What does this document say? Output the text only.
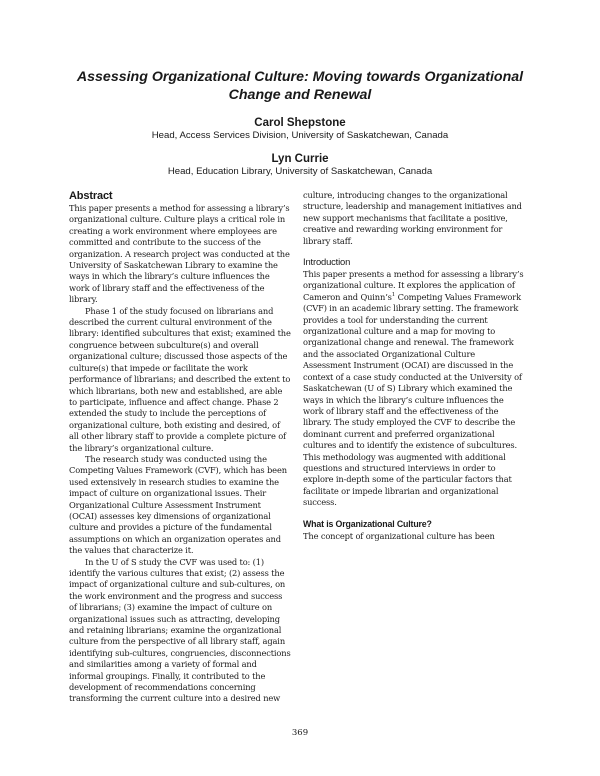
Assessing Organizational Culture: Moving towards Organizational Change and Renewal
Carol Shepstone
Head, Access Services Division, University of Saskatchewan, Canada
Lyn Currie
Head, Education Library, University of Saskatchewan, Canada
Abstract

This paper presents a method for assessing a library’s organizational culture. Culture plays a critical role in creating a work environment where employees are committed and contribute to the success of the organization. A research project was conducted at the University of Saskatchewan Library to examine the ways in which the library’s culture influences the work of library staff and the effectiveness of the library.

Phase 1 of the study focused on librarians and described the current cultural environment of the library: identified subcultures that exist; examined the congruence between subculture(s) and overall organizational culture; discussed those aspects of the culture(s) that impede or facilitate the work performance of librarians; and described the extent to which librarians, both new and established, are able to participate, influence and affect change. Phase 2 extended the study to include the perceptions of organizational culture, both existing and desired, of all other library staff to provide a complete picture of the library’s organizational culture.

The research study was conducted using the Competing Values Framework (CVF), which has been used extensively in research studies to examine the impact of culture on organizational issues. Their Organizational Culture Assessment Instrument (OCAI) assesses key dimensions of organizational culture and provides a picture of the fundamental assumptions on which an organization operates and the values that characterize it.

In the U of S study the CVF was used to: (1) identify the various cultures that exist; (2) assess the impact of organizational culture and sub-cultures, on the work environment and the progress and success of librarians; (3) examine the impact of culture on organizational issues such as attracting, developing and retaining librarians; examine the organizational culture from the perspective of all library staff, again identifying sub-cultures, congruencies, disconnections and similarities among a variety of formal and informal groupings. Finally, it contributed to the development of recommendations concerning transforming the current culture into a desired new

culture, introducing changes to the organizational structure, leadership and management initiatives and new support mechanisms that facilitate a positive, creative and rewarding working environment for library staff.

Introduction

This paper presents a method for assessing a library’s organizational culture. It explores the application of Cameron and $Quinn’s^1$ Competing Values Framework (CVF) in an academic library setting. The framework provides a tool for understanding the current organizational culture and a map for moving to organizational change and renewal. The framework and the associated Organizational Culture Assessment Instrument (OCAI) are discussed in the context of a case study conducted at the University of Saskatchewan (U of S) Library which examined the ways in which the library’s culture influences the work of library staff and the effectiveness of the library. The study employed the CVF to describe the dominant current and preferred organizational cultures and to identify the existence of subcultures. This methodology was augmented with additional questions and structured interviews in order to explore in-depth some of the particular factors that facilitate or impede librarian and organizational success.

What is Organizational Culture?

The concept of organizational culture has been

369
